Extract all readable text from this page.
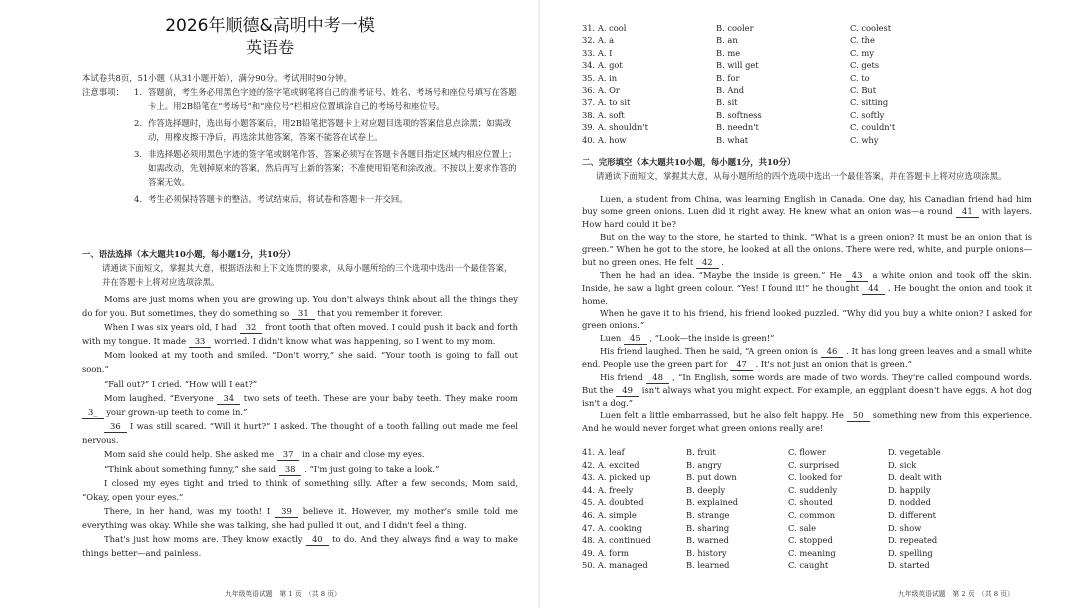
2026年顺德&高明中考一模
英语卷
本试卷共8页，51小题（从31小题开始），满分90分。考试用时90分钟。
注意事项：	1. 答题前，考生务必用黑色字迹的签字笔或钢笔将自己的准考证号、姓名、考场号和座位号填写在答题卡上。用2B铅笔在“考场号”和“座位号”栏相应位置填涂自己的考场号和座位号。
2. 作答选择题时，选出每小题答案后，用2B铅笔把答题卡上对应题目选项的答案信息点涂黑；如需改动，用橡皮擦干净后，再选涂其他答案，答案不能答在试卷上。
3. 非选择题必须用黑色字迹的签字笔或钢笔作答，答案必须写在答题卡各题目指定区域内相应位置上；如需改动，先划掉原来的答案，然后再写上新的答案；不准使用铅笔和涂改液。不按以上要求作答的答案无效。
4. 考生必须保持答题卡的整洁。考试结束后，将试卷和答题卡一并交回。
一、语法选择（本大题共10小题，每小题1分，共10分）
请通读下面短文，掌握其大意，根据语法和上下文连贯的要求，从每小题所给的三个选项中选出一个最佳答案，并在答题卡上将对应选项涂黑。

Moms are just moms when you are growing up. You don't always think about all the things they do for you. But sometimes, they do something so 31 that you remember it forever.

When I was six years old, I had 32 front tooth that often moved. I could push it back and forth with my tongue. It made 33 worried. I didn't know what was happening, so I went to my mom.

Mom looked at my tooth and smiled. “Don't worry,” she said. “Your tooth is going to fall out soon.”

“Fall out?” I cried. “How will I eat?”

Mom laughed. “Everyone 34 two sets of teeth. These are your baby teeth. They make room 3_ your grown-up teeth to come in.”

36 I was still scared. “Will it hurt?” I asked. The thought of a tooth falling out made me feel nervous.

Mom said she could help. She asked me 37 in a chair and close my eyes.

“Think about something funny,” she said 38 . “I'm just going to take a look.”

I closed my eyes tight and tried to think of something silly. After a few seconds, Mom said, “Okay, open your eyes.”

There, in her hand, was my tooth! I 39 believe it. However, my mother's smile told me everything was okay. While she was talking, she had pulled it out, and I didn't feel a thing.

That's just how moms are. They know exactly 40 to do. And they always find a way to make things better—and painless.

九年级英语试题　第 1 页　（共 8 页）
31. A. cool	B. cooler	C. coolest
32. A. a	B. an	C. the
33. A. I	B. me	C. my
34. A. got	B. will get	C. gets
35. A. in	B. for	C. to
36. A. Or	B. And	C. But
37. A. to sit	B. sit	C. sitting
38. A. soft	B. softness	C. softly
39. A. shouldn't	B. needn't	C. couldn't
40. A. how	B. what	C. why
二、完形填空（本大题共10小题，每小题1分，共10分）
请通读下面短文，掌握其大意，从每小题所给的四个选项中选出一个最佳答案，并在答题卡上将对应选项涂黑。

Luen, a student from China, was learning English in Canada. One day, his Canadian friend had him buy some green onions. Luen did it right away. He knew what an onion was—a round 41 with layers. How hard could it be?

But on the way to the store, he started to think. “What is a green onion? It must be an onion that is green.” When he got to the store, he looked at all the onions. There were red, white, and purple onions—but no green ones. He felt 42 .

Then he had an idea. “Maybe the inside is green.” He 43 a white onion and took off the skin. Inside, he saw a light green colour. “Yes! I found it!” he thought 44 . He bought the onion and took it home.

When he gave it to his friend, his friend looked puzzled. “Why did you buy a white onion? I asked for green onions.”

Luen 45 , “Look—the inside is green!”

His friend laughed. Then he said, “A green onion is 46 . It has long green leaves and a small white end. People use the green part for 47 . It's not just an onion that is green.”

His friend 48 , “In English, some words are made of two words. They're called compound words. But the 49 isn't always what you might expect. For example, an eggplant doesn't have eggs. A hot dog isn't a dog.”

Luen felt a little embarrassed, but he also felt happy. He 50 something new from this experience. And he would never forget what green onions really are!

41. A. leaf	B. fruit	C. flower	D. vegetable
42. A. excited	B. angry	C. surprised	D. sick
43. A. picked up	B. put down	C. looked for	D. dealt with
44. A. freely	B. deeply	C. suddenly	D. happily
45. A. doubted	B. explained	C. shouted	D. nodded
46. A. simple	B. strange	C. common	D. different
47. A. cooking	B. sharing	C. sale	D. show
48. A. continued	B. warned	C. stopped	D. repeated
49. A. form	B. history	C. meaning	D. spelling
50. A. managed	B. learned	C. caught	D. started
九年级英语试题　第 2 页　（共 8 页）
